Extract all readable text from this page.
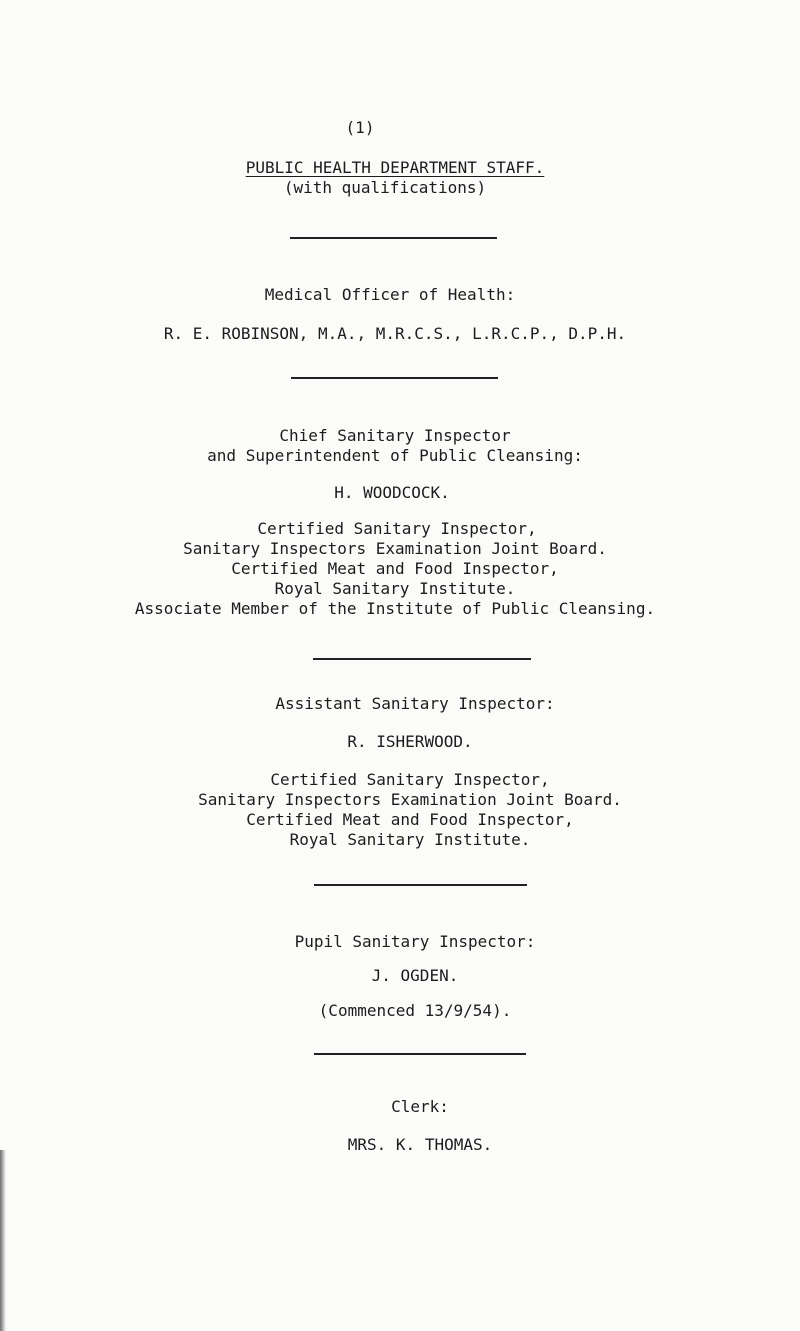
(1)
PUBLIC HEALTH DEPARTMENT STAFF.
(with qualifications)
Medical Officer of Health:
R. E. ROBINSON, M.A., M.R.C.S., L.R.C.P., D.P.H.
Chief Sanitary Inspector
and Superintendent of Public Cleansing:
H. WOODCOCK.
Certified Sanitary Inspector,
Sanitary Inspectors Examination Joint Board.
Certified Meat and Food Inspector,
Royal Sanitary Institute.
Associate Member of the Institute of Public Cleansing.
Assistant Sanitary Inspector:
R. ISHERWOOD.
Certified Sanitary Inspector,
Sanitary Inspectors Examination Joint Board.
Certified Meat and Food Inspector,
Royal Sanitary Institute.
Pupil Sanitary Inspector:
J. OGDEN.
(Commenced 13/9/54).
Clerk:
MRS. K. THOMAS.
